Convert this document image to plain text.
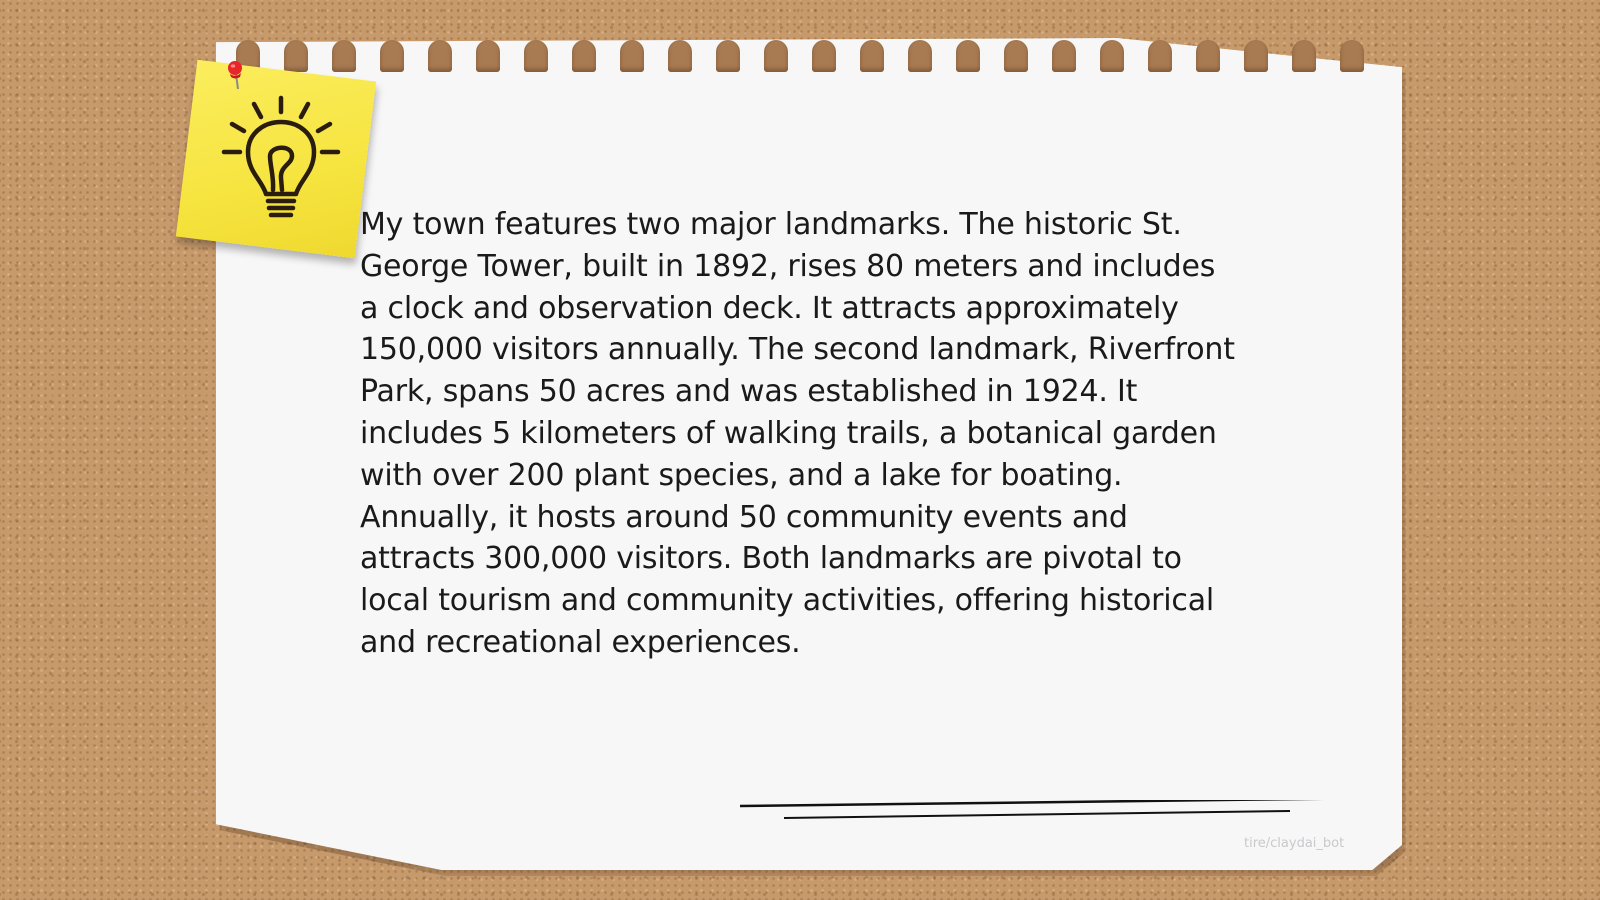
My town features two major landmarks. The historic St. George Tower, built in 1892, rises 80 meters and includes a clock and observation deck. It attracts approximately 150,000 visitors annually. The second landmark, Riverfront Park, spans 50 acres and was established in 1924. It includes 5 kilometers of walking trails, a botanical garden with over 200 plant species, and a lake for boating. Annually, it hosts around 50 community events and attracts 300,000 visitors. Both landmarks are pivotal to local tourism and community activities, offering historical and recreational experiences.

tire/claydai_bot
